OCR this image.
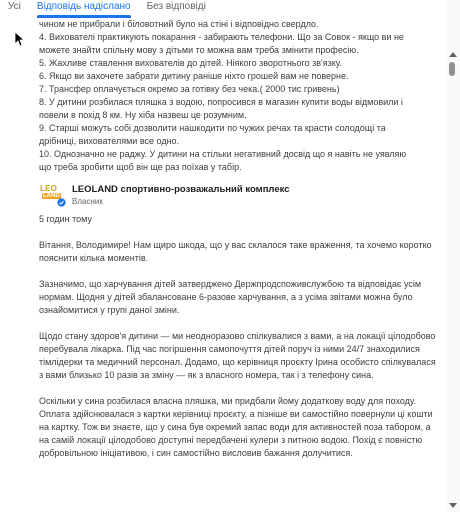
Усі	Відповідь надіслано	Без відповіді

чином не прибрали і біловотний було на стіні і відповідно свердло.

4. Вихователі практикують покарання - забирають телефони. Що за Совок - якщо ви не

можете знайти спільну мову з дітьми то можна вам треба змінити професію.

5. Жахливе ставлення вихователів до дітей. Ніякого зворотнього зв'язку.

6. Якщо ви захочете забрати дитину раніше ніхто грошей вам не поверне.

7. Трансфер оплачується окремо за готівку без чека.( 2000 тис гривень)

8. У дитини розбилася пляшка з водою, попросився в магазин купити воды відмовили і

повели в похід 8 км. Ну хіба назвеш це розумним.

9. Старші можуть собі дозволити нашкодити по чужих речах та красти солодощі та

дрібниці, вихователями все одно.

10. Однозначно не раджу. У дитини на стільки негативний досвід що я навіть не уявляю

що треба зробити щоб він ще раз поїхав у табір.

LEO
LAND
LEOLAND спортивно-розважальний комплекс
Власник
5 годин тому

Вітання, Володимире! Нам щиро шкода, що у вас склалося таке враження, та хочемо коротко пояснити кілька моментів.

Зазначимо, що харчування дітей затверджено Держпродспоживслужбою та відповідає усім нормам. Щодня у дітей збалансоване 6-разове харчування, а з усіма звітами можна було ознайомитися у групі даної зміни.

Щодо стану здоров'я дитини — ми неодноразово спілкувалися з вами, а на локації цілодобово перебувала лікарка. Під час погіршення самопочуття дітей поруч із ними 24/7 знаходилися тімлідерки та медичний персонал. Додамо, що керівниця проєкту Ірина особисто спілкувалася з вами близько 10 разів за зміну — як з власного номера, так і з телефону сина.

Оскільки у сина розбилася власна пляшка, ми придбали йому додаткову воду для походу. Оплата здійснювалася з картки керівниці проєкту, а пізніше ви самостійно повернули ці кошти на картку. Тож ви знаєте, що у сина був окремий запас води для активностей поза табором, а на самій локації цілодобово доступні передбачені кулери з питною водою. Похід є повністю добровільною ініціативою, і син самостійно висловив бажання долучитися.
